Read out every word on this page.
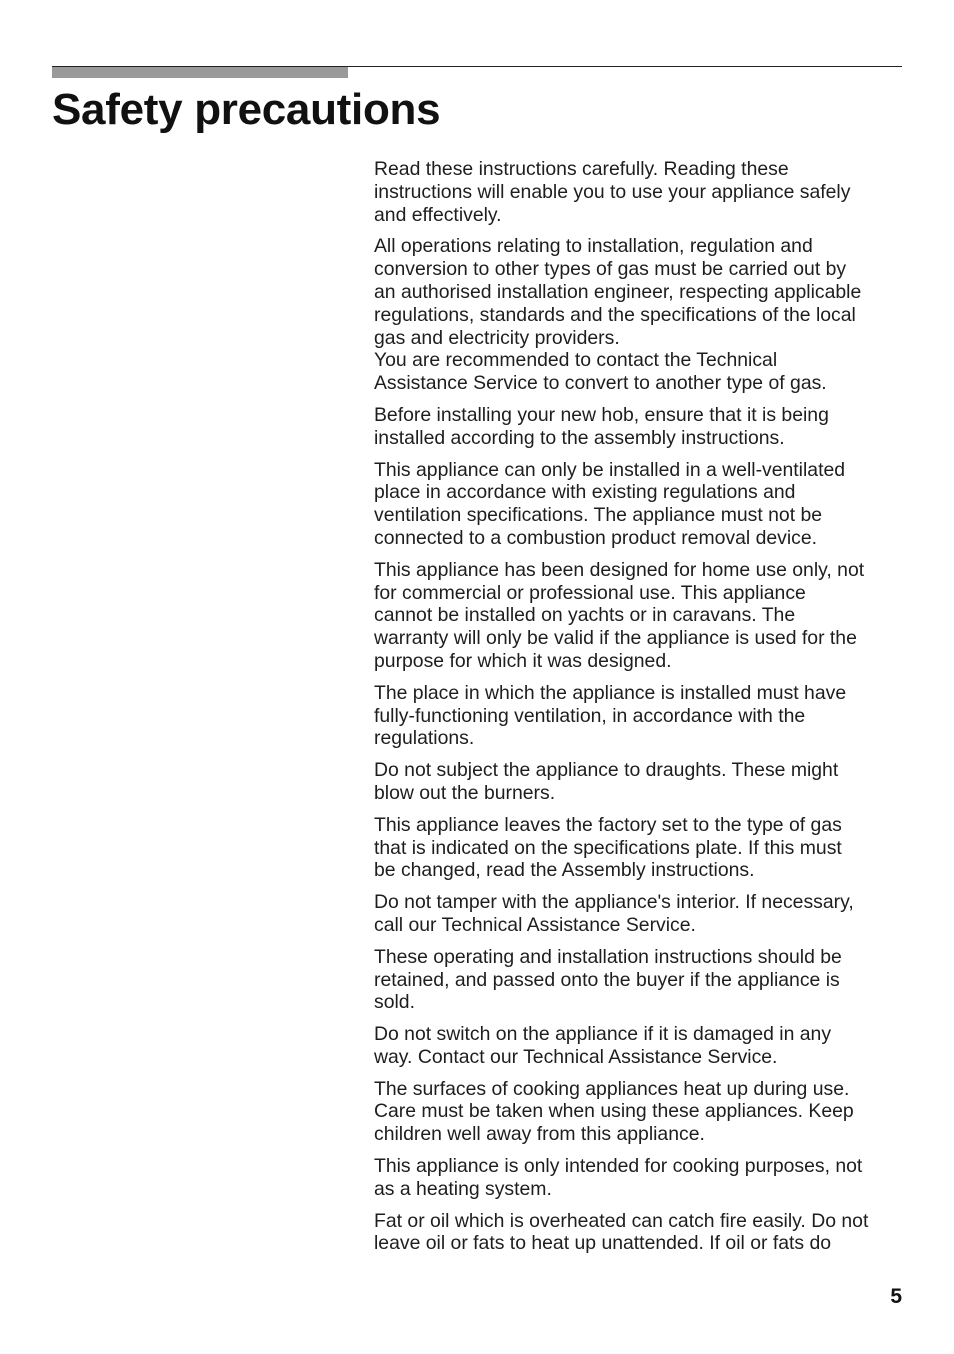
Safety precautions

Read these instructions carefully. Reading these
instructions will enable you to use your appliance safely
and effectively.

All operations relating to installation, regulation and
conversion to other types of gas must be carried out by
an authorised installation engineer, respecting applicable
regulations, standards and the specifications of the local
gas and electricity providers.

You are recommended to contact the Technical
Assistance Service to convert to another type of gas.

Before installing your new hob, ensure that it is being
installed according to the assembly instructions.

This appliance can only be installed in a well-ventilated
place in accordance with existing regulations and
ventilation specifications. The appliance must not be
connected to a combustion product removal device.

This appliance has been designed for home use only, not
for commercial or professional use. This appliance
cannot be installed on yachts or in caravans. The
warranty will only be valid if the appliance is used for the
purpose for which it was designed.

The place in which the appliance is installed must have
fully-functioning ventilation, in accordance with the
regulations.

Do not subject the appliance to draughts. These might
blow out the burners.

This appliance leaves the factory set to the type of gas
that is indicated on the specifications plate. If this must
be changed, read the Assembly instructions.

Do not tamper with the appliance's interior. If necessary,
call our Technical Assistance Service.

These operating and installation instructions should be
retained, and passed onto the buyer if the appliance is
sold.

Do not switch on the appliance if it is damaged in any
way. Contact our Technical Assistance Service.

The surfaces of cooking appliances heat up during use.
Care must be taken when using these appliances. Keep
children well away from this appliance.

This appliance is only intended for cooking purposes, not
as a heating system.

Fat or oil which is overheated can catch fire easily. Do not
leave oil or fats to heat up unattended. If oil or fats do

5
